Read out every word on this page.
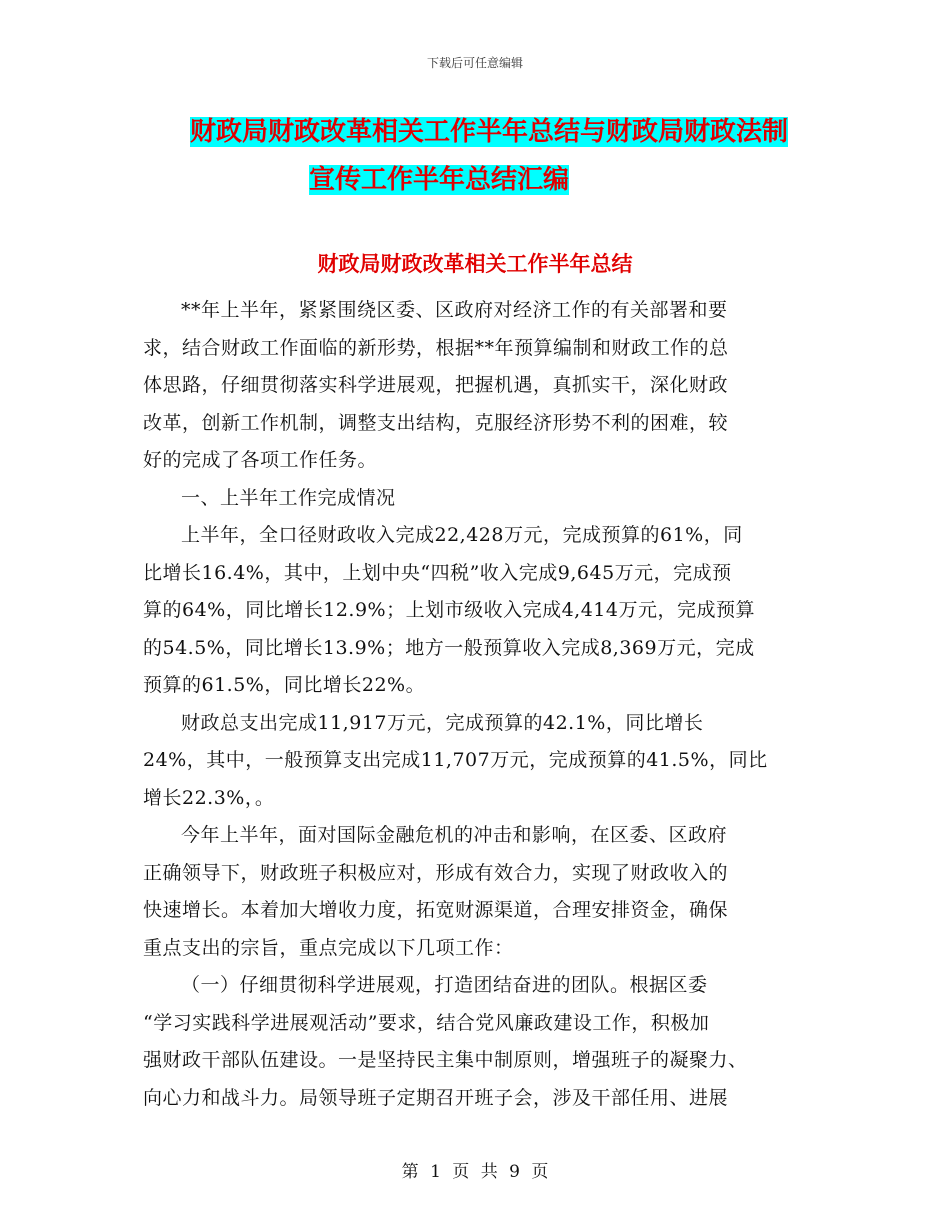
下载后可任意编辑
财政局财政改革相关工作半年总结与财政局财政法制
宣传工作半年总结汇编
财政局财政改革相关工作半年总结

**年上半年，紧紧围绕区委、区政府对经济工作的有关部署和要
求，结合财政工作面临的新形势，根据**年预算编制和财政工作的总
体思路，仔细贯彻落实科学进展观，把握机遇，真抓实干，深化财政
改革，创新工作机制，调整支出结构，克服经济形势不利的困难，较
好的完成了各项工作任务。

一、上半年工作完成情况

上半年，全口径财政收入完成22,428万元，完成预算的61%，同
比增长16.4%，其中，上划中央“四税”收入完成9,645万元，完成预
算的64%，同比增长12.9%；上划市级收入完成4,414万元，完成预算
的54.5%，同比增长13.9%；地方一般预算收入完成8,369万元，完成
预算的61.5%，同比增长22%。

财政总支出完成11,917万元，完成预算的42.1%，同比增长
24%，其中，一般预算支出完成11,707万元，完成预算的41.5%，同比
增长22.3%，。

今年上半年，面对国际金融危机的冲击和影响，在区委、区政府
正确领导下，财政班子积极应对，形成有效合力，实现了财政收入的
快速增长。本着加大增收力度，拓宽财源渠道，合理安排资金，确保
重点支出的宗旨，重点完成以下几项工作：

（一）仔细贯彻科学进展观，打造团结奋进的团队。根据区委
“学习实践科学进展观活动”要求，结合党风廉政建设工作，积极加
强财政干部队伍建设。一是坚持民主集中制原则，增强班子的凝聚力、
向心力和战斗力。局领导班子定期召开班子会，涉及干部任用、进展

第 1 页 共 9 页
